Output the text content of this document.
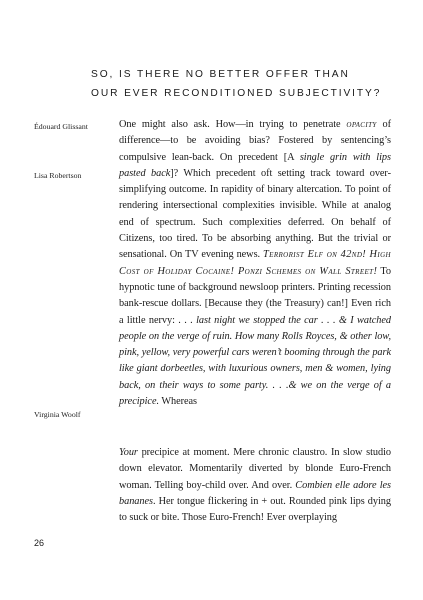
SO, IS THERE NO BETTER OFFER THAN
OUR EVER RECONDITIONED SUBJECTIVITY?
Édouard Glissant
Lisa Robertson
Virginia Woolf
One might also ask. How—in trying to penetrate opacity of difference—to be avoiding bias? Fostered by sentencing’s compulsive lean-back. On precedent [A single grin with lips pasted back]? Which precedent oft setting track toward over-simplifying outcome. In rapidity of binary altercation. To point of rendering intersectional complexities invisible. While at analog end of spectrum. Such complexities deferred. On behalf of Citizens, too tired. To be absorbing anything. But the trivial or sensational. On TV evening news. Terrorist Elf on 42nd! High Cost of Holiday Cocaine! Ponzi Schemes on Wall Street! To hypnotic tune of background newsloop printers. Printing recession bank-rescue dollars. [Because they (the Treasury) can!] Even rich a little nervy: . . . last night we stopped the car . . . & I watched people on the verge of ruin. How many Rolls Royces, & other low, pink, yellow, very powerful cars weren’t booming through the park like giant dorbeetles, with luxurious owners, men & women, lying back, on their ways to some party. . . .& we on the verge of a precipice. Whereas
Your precipice at moment. Mere chronic claustro. In slow studio down elevator. Momentarily diverted by blonde Euro-French woman. Telling boy-child over. And over. Combien elle adore les bananes. Her tongue flickering in + out. Rounded pink lips dying to suck or bite. Those Euro-French! Ever overplaying
26
